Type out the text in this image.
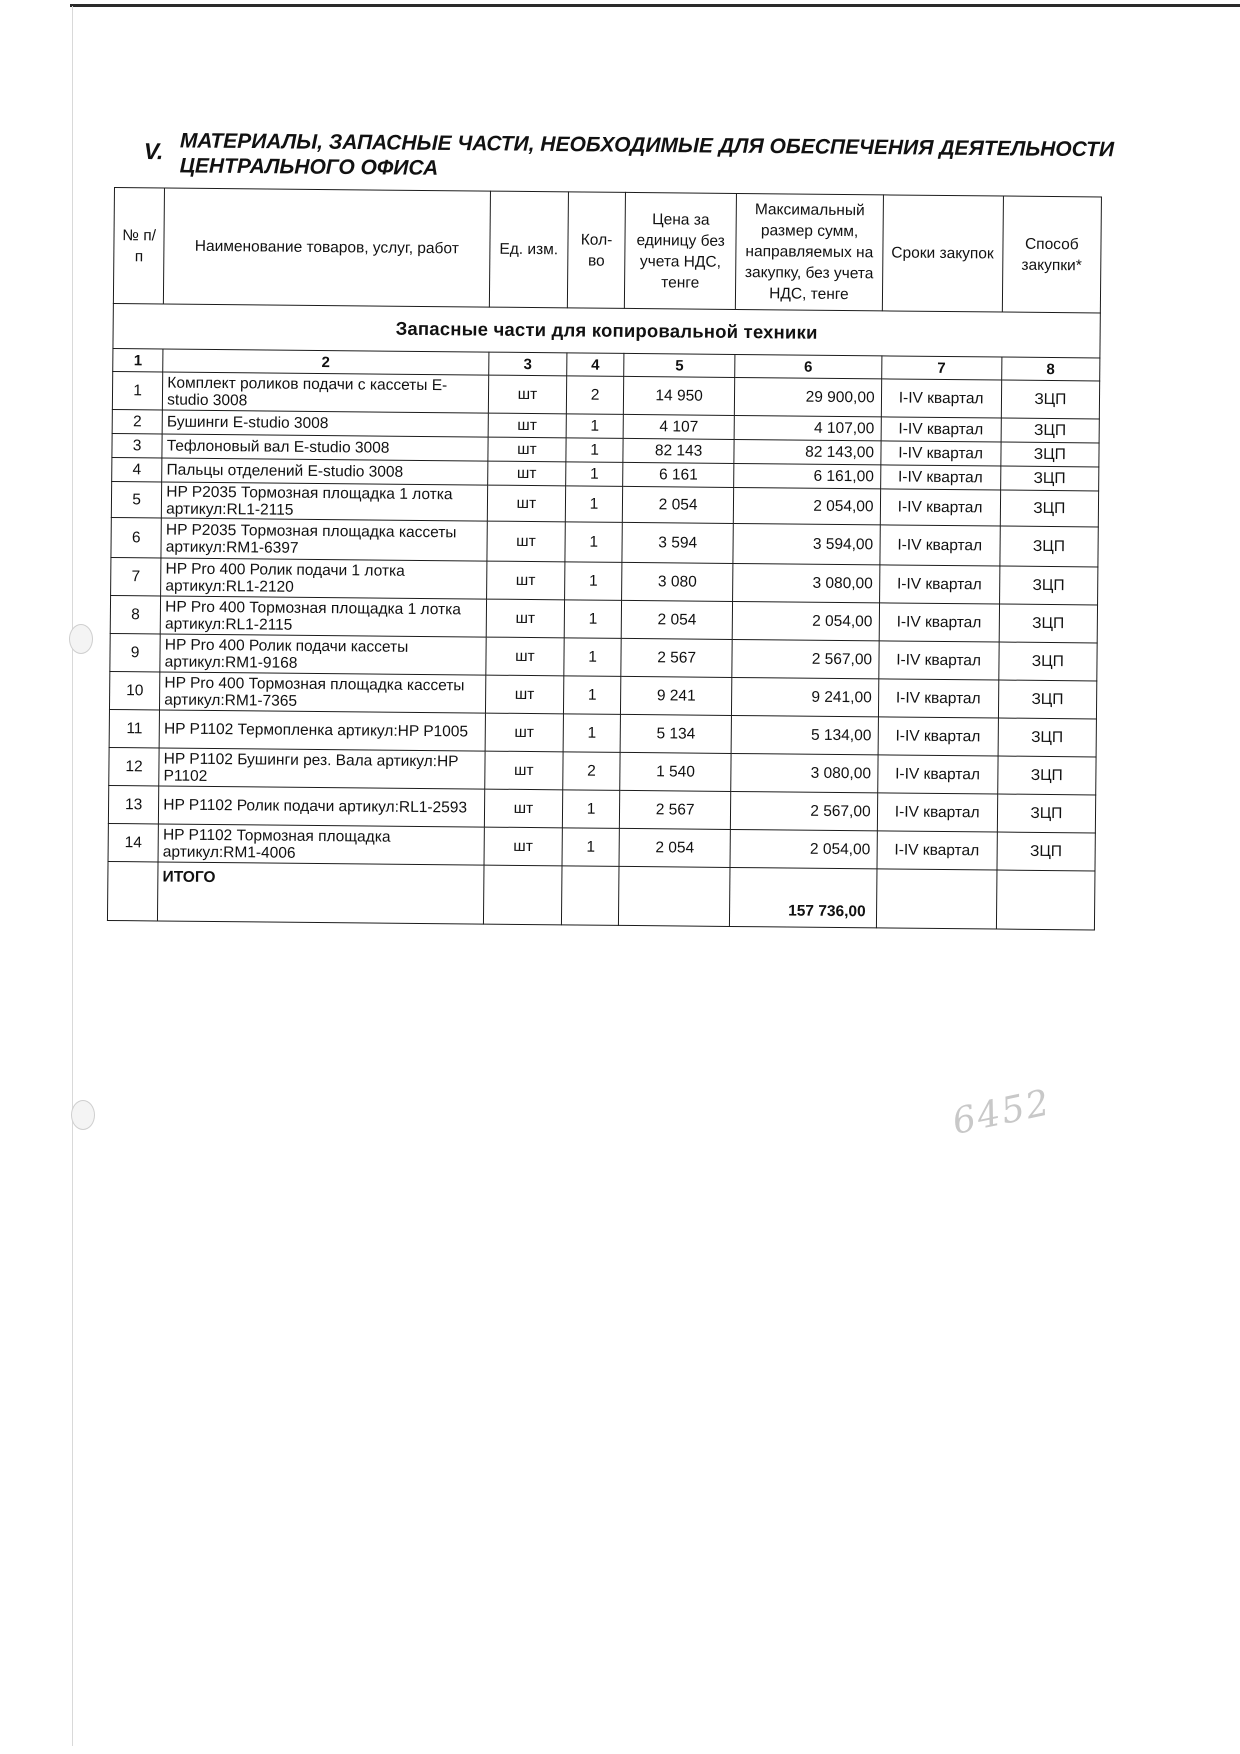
V. МАТЕРИАЛЫ, ЗАПАСНЫЕ ЧАСТИ, НЕОБХОДИМЫЕ ДЛЯ ОБЕСПЕЧЕНИЯ ДЕЯТЕЛЬНОСТИ ЦЕНТРАЛЬНОГО ОФИСА
№ п/п	Наименование товаров, услуг, работ	Ед. изм.	Кол-во	Цена за единицу без учета НДС, тенге	Максимальный размер сумм, направляемых на закупку, без учета НДС, тенге	Сроки закупок	Способ закупки*
Запасные части для копировальной техники							
1	2	3	4	5	6	7	8
1	Комплект роликов подачи с кассеты E-studio 3008	шт	2	14 950	29 900,00	I-IV квартал	ЗЦП
2	Бушинги E-studio 3008	шт	1	4 107	4 107,00	I-IV квартал	ЗЦП
3	Тефлоновый вал E-studio 3008	шт	1	82 143	82 143,00	I-IV квартал	ЗЦП
4	Пальцы отделений E-studio 3008	шт	1	6 161	6 161,00	I-IV квартал	ЗЦП
5	HP P2035 Тормозная площадка 1 лотка артикул:RL1-2115	шт	1	2 054	2 054,00	I-IV квартал	ЗЦП
6	HP P2035 Тормозная площадка кассеты артикул:RM1-6397	шт	1	3 594	3 594,00	I-IV квартал	ЗЦП
7	HP Pro 400 Ролик подачи 1 лотка артикул:RL1-2120	шт	1	3 080	3 080,00	I-IV квартал	ЗЦП
8	HP Pro 400 Тормозная площадка 1 лотка артикул:RL1-2115	шт	1	2 054	2 054,00	I-IV квартал	ЗЦП
9	HP Pro 400 Ролик подачи кассеты артикул:RM1-9168	шт	1	2 567	2 567,00	I-IV квартал	ЗЦП
10	HP Pro 400 Тормозная площадка кассеты артикул:RM1-7365	шт	1	9 241	9 241,00	I-IV квартал	ЗЦП
11	HP P1102 Термопленка артикул:HP P1005	шт	1	5 134	5 134,00	I-IV квартал	ЗЦП
12	HP P1102 Бушинги рез. Вала артикул:HP P1102	шт	2	1 540	3 080,00	I-IV квартал	ЗЦП
13	HP P1102 Ролик подачи артикул:RL1-2593	шт	1	2 567	2 567,00	I-IV квартал	ЗЦП
14	HP P1102 Тормозная площадка артикул:RM1-4006	шт	1	2 054	2 054,00	I-IV квартал	ЗЦП
	ИТОГО				157 736,00		
6452
